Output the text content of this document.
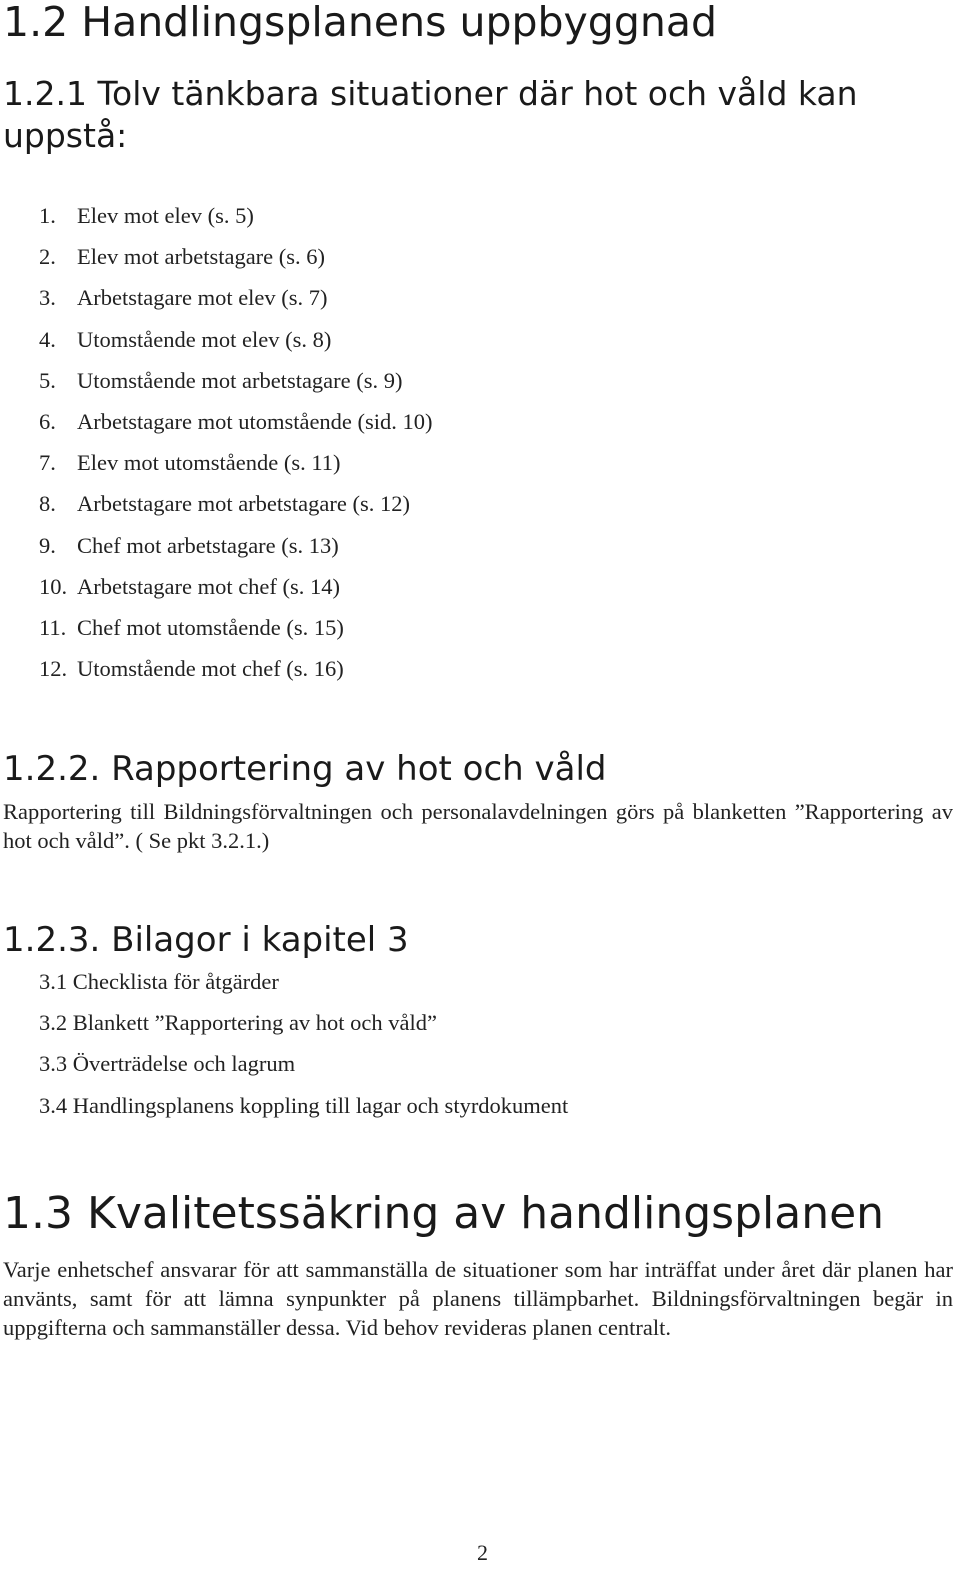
1.2 Handlingsplanens uppbyggnad
1.2.1 Tolv tänkbara situationer där hot och våld kan uppstå:
1. Elev mot elev (s. 5)
2. Elev mot arbetstagare (s. 6)
3. Arbetstagare mot elev (s. 7)
4. Utomstående mot elev (s. 8)
5. Utomstående mot arbetstagare (s. 9)
6. Arbetstagare mot utomstående (sid. 10)
7. Elev mot utomstående (s. 11)
8. Arbetstagare mot arbetstagare (s. 12)
9. Chef mot arbetstagare (s. 13)
10. Arbetstagare mot chef (s. 14)
11. Chef mot utomstående (s. 15)
12. Utomstående mot chef (s. 16)
1.2.2. Rapportering av hot och våld

Rapportering till Bildningsförvaltningen och personalavdelningen görs på blanketten ”Rapportering av hot och våld”. ( Se pkt 3.2.1.)

1.2.3. Bilagor i kapitel 3
3.1 Checklista för åtgärder
3.2 Blankett ”Rapportering av hot och våld”
3.3 Överträdelse och lagrum
3.4 Handlingsplanens koppling till lagar och styrdokument
1.3 Kvalitetssäkring av handlingsplanen

Varje enhetschef ansvarar för att sammanställa de situationer som har inträffat under året där planen har använts, samt för att lämna synpunkter på planens tillämpbarhet. Bildningsförvaltningen begär in uppgifterna och sammanställer dessa. Vid behov revideras planen centralt.

2
